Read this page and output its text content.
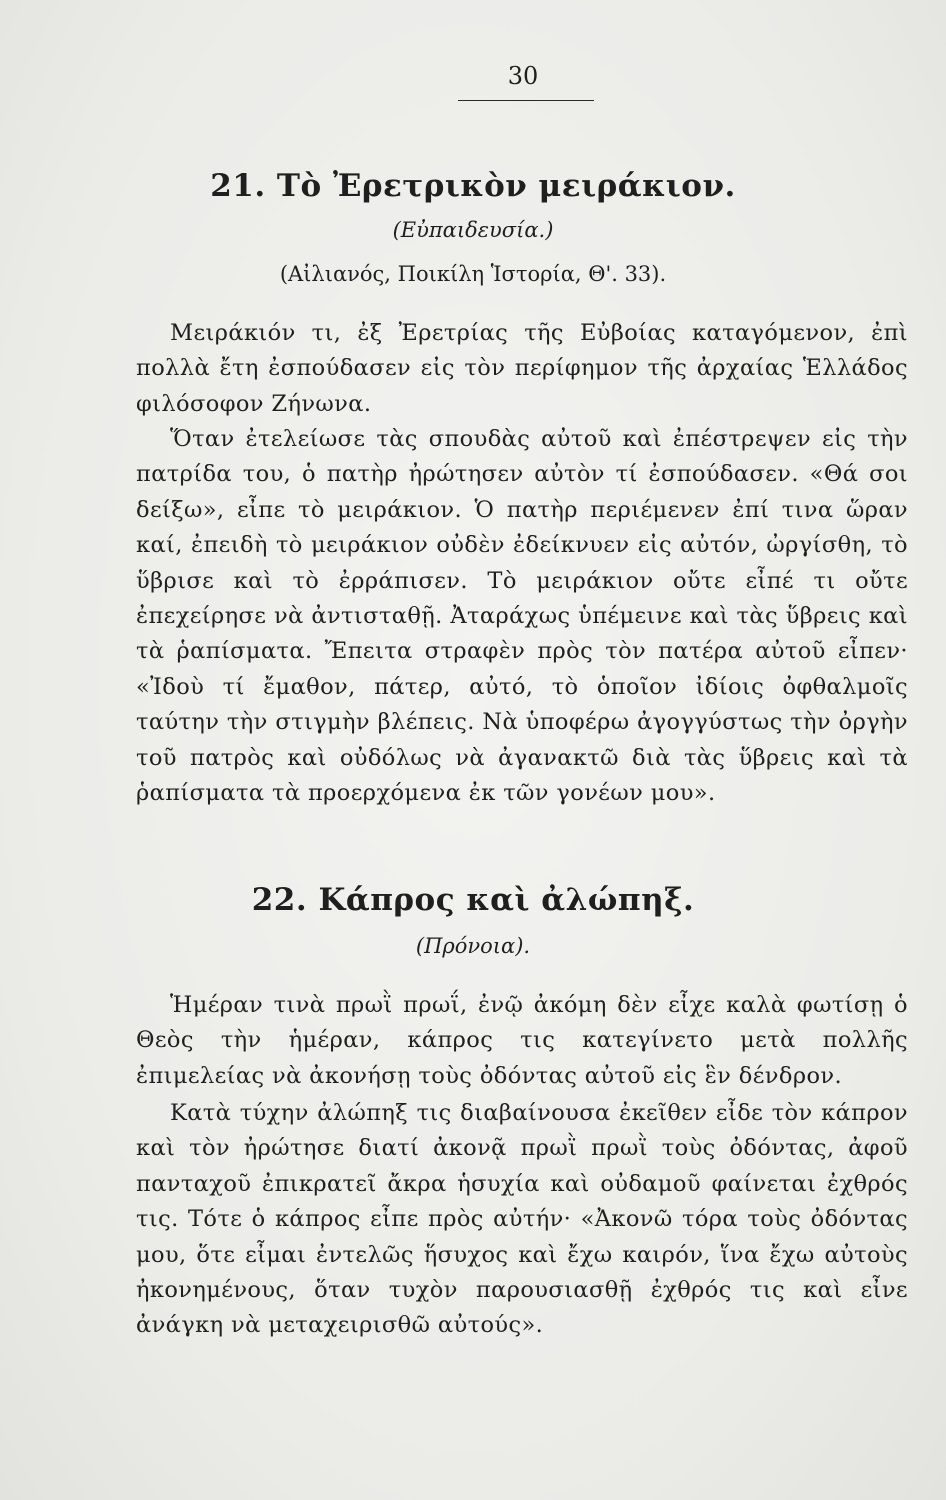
30
21. Τὸ Ἐρετρικὸν μειράκιον.
(Εὐπαιδευσία.)
(Αἰλιανός, Ποικίλη Ἱστορία, Θ'. 33).
Μειράκιόν τι, ἐξ Ἐρετρίας τῆς Εὐβοίας καταγόμενον, ἐπὶ πολλὰ ἔτη ἐσπούδασεν εἰς τὸν περίφημον τῆς ἀρχαίας Ἑλλάδος φιλόσοφον Ζήνωνα.
Ὅταν ἐτελείωσε τὰς σπουδὰς αὐτοῦ καὶ ἐπέστρεψεν εἰς τὴν πατρίδα του, ὁ πατὴρ ἠρώτησεν αὐτὸν τί ἐσπούδασεν. «Θά σοι δείξω», εἶπε τὸ μειράκιον. Ὁ πατὴρ περιέμενεν ἐπί τινα ὥραν καί, ἐπειδὴ τὸ μειράκιον οὐδὲν ἐδείκνυεν εἰς αὐτόν, ὠργίσθη, τὸ ὕβρισε καὶ τὸ ἐρράπισεν. Τὸ μειράκιον οὔτε εἶπέ τι οὔτε ἐπεχείρησε νὰ ἀντισταθῇ. Ἀταράχως ὑπέμεινε καὶ τὰς ὕβρεις καὶ τὰ ῥαπίσματα. Ἔπειτα στραφὲν πρὸς τὸν πατέρα αὐτοῦ εἶπεν· «Ἰδοὺ τί ἔμαθον, πάτερ, αὐτό, τὸ ὁποῖον ἰδίοις ὀφθαλμοῖς ταύτην τὴν στιγμὴν βλέπεις. Νὰ ὑποφέρω ἀγογγύστως τὴν ὀργὴν τοῦ πατρὸς καὶ οὐδόλως νὰ ἀγανακτῶ διὰ τὰς ὕβρεις καὶ τὰ ῥαπίσματα τὰ προερχόμενα ἐκ τῶν γονέων μου».
22. Κάπρος καὶ ἀλώπηξ.
(Πρόνοια).
Ἡμέραν τινὰ πρωῒ πρωΐ, ἐνῷ ἀκόμη δὲν εἶχε καλὰ φωτίσῃ ὁ Θεὸς τὴν ἡμέραν, κάπρος τις κατεγίνετο μετὰ πολλῆς ἐπιμελείας νὰ ἀκονήσῃ τοὺς ὀδόντας αὐτοῦ εἰς ἓν δένδρον.
Κατὰ τύχην ἀλώπηξ τις διαβαίνουσα ἐκεῖθεν εἶδε τὸν κάπρον καὶ τὸν ἠρώτησε διατί ἀκονᾷ πρωῒ πρωῒ τοὺς ὀδόντας, ἀφοῦ πανταχοῦ ἐπικρατεῖ ἄκρα ἡσυχία καὶ οὐδαμοῦ φαίνεται ἐχθρός τις. Τότε ὁ κάπρος εἶπε πρὸς αὐτήν· «Ἀκονῶ τόρα τοὺς ὀδόντας μου, ὅτε εἶμαι ἐντελῶς ἥσυχος καὶ ἔχω καιρόν, ἵνα ἔχω αὐτοὺς ἠκονημένους, ὅταν τυχὸν παρουσιασθῇ ἐχθρός τις καὶ εἶνε ἀνάγκη νὰ μεταχειρισθῶ αὐτούς».
